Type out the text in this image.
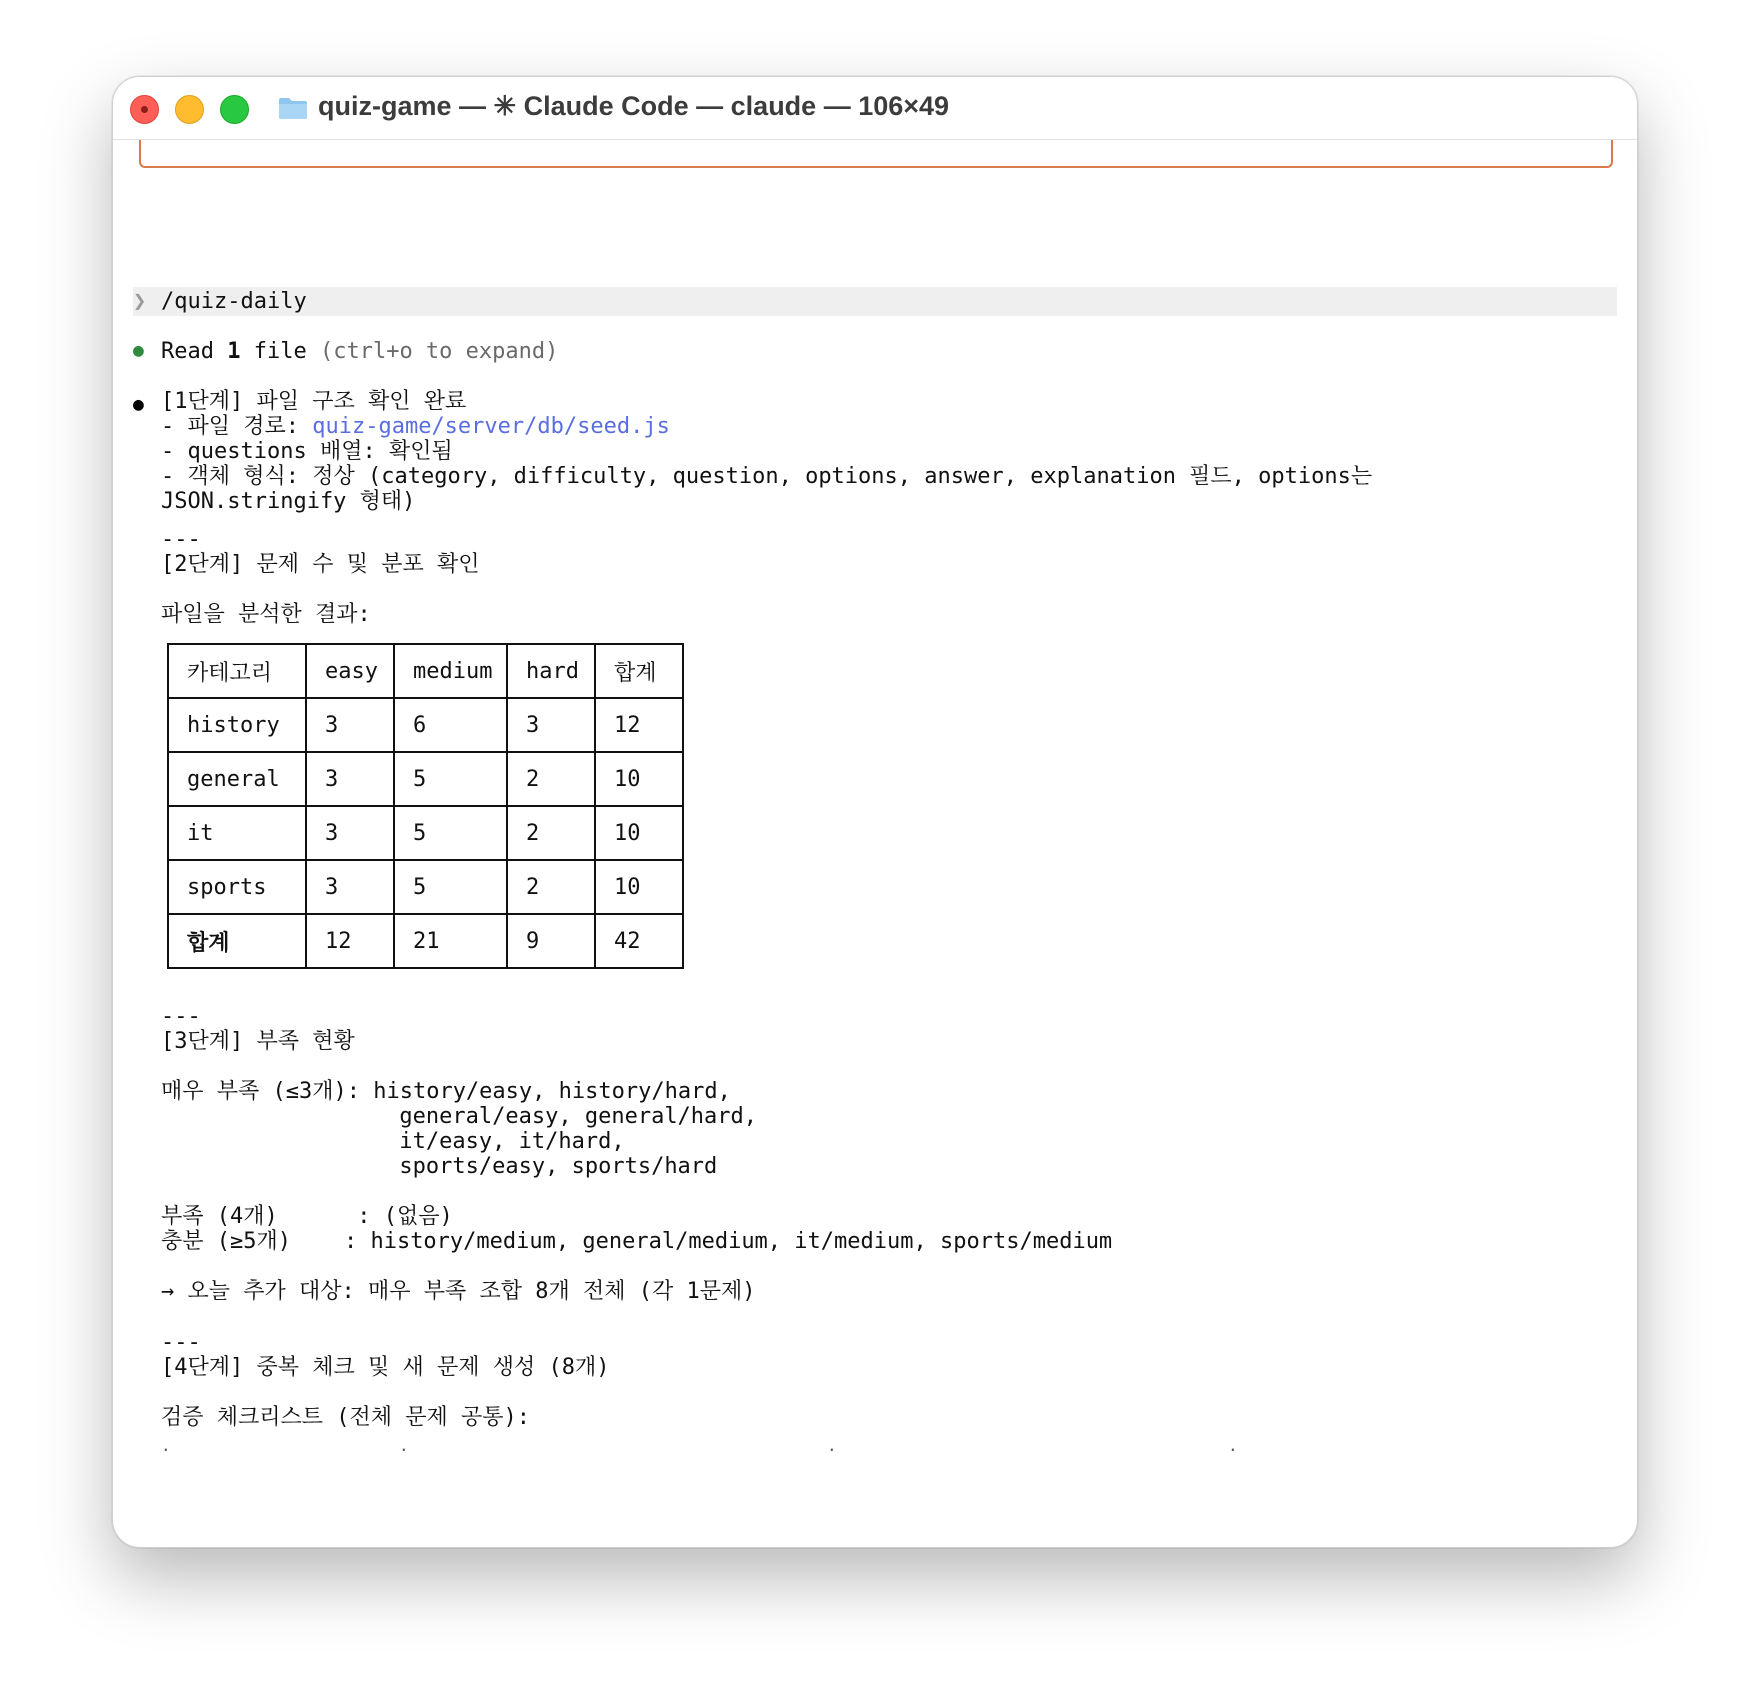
quiz-game — ✳ Claude Code — claude — 106×49
❯ /quiz-daily
● Read 1 file (ctrl+o to expand)
● [1단계] 파일 구조 확인 완료
- 파일 경로: quiz-game/server/db/seed.js
- questions 배열: 확인됨
- 객체 형식: 정상 (category, difficulty, question, options, answer, explanation 필드, options는
JSON.stringify 형태)
---
[2단계] 문제 수 및 분포 확인
파일을 분석한 결과:
카테고리	easy	medium	hard	합계
history	3	6	3	12
general	3	5	2	10
it	3	5	2	10
sports	3	5	2	10
합계	12	21	9	42
---
[3단계] 부족 현황
매우 부족 (≤3개): history/easy, history/hard,
general/easy, general/hard,
it/easy, it/hard,
sports/easy, sports/hard
부족 (4개)      : (없음)
충분 (≥5개)    : history/medium, general/medium, it/medium, sports/medium
→ 오늘 추가 대상: 매우 부족 조합 8개 전체 (각 1문제)
---
[4단계] 중복 체크 및 새 문제 생성 (8개)
검증 체크리스트 (전체 문제 공통):
.	.	.	.
